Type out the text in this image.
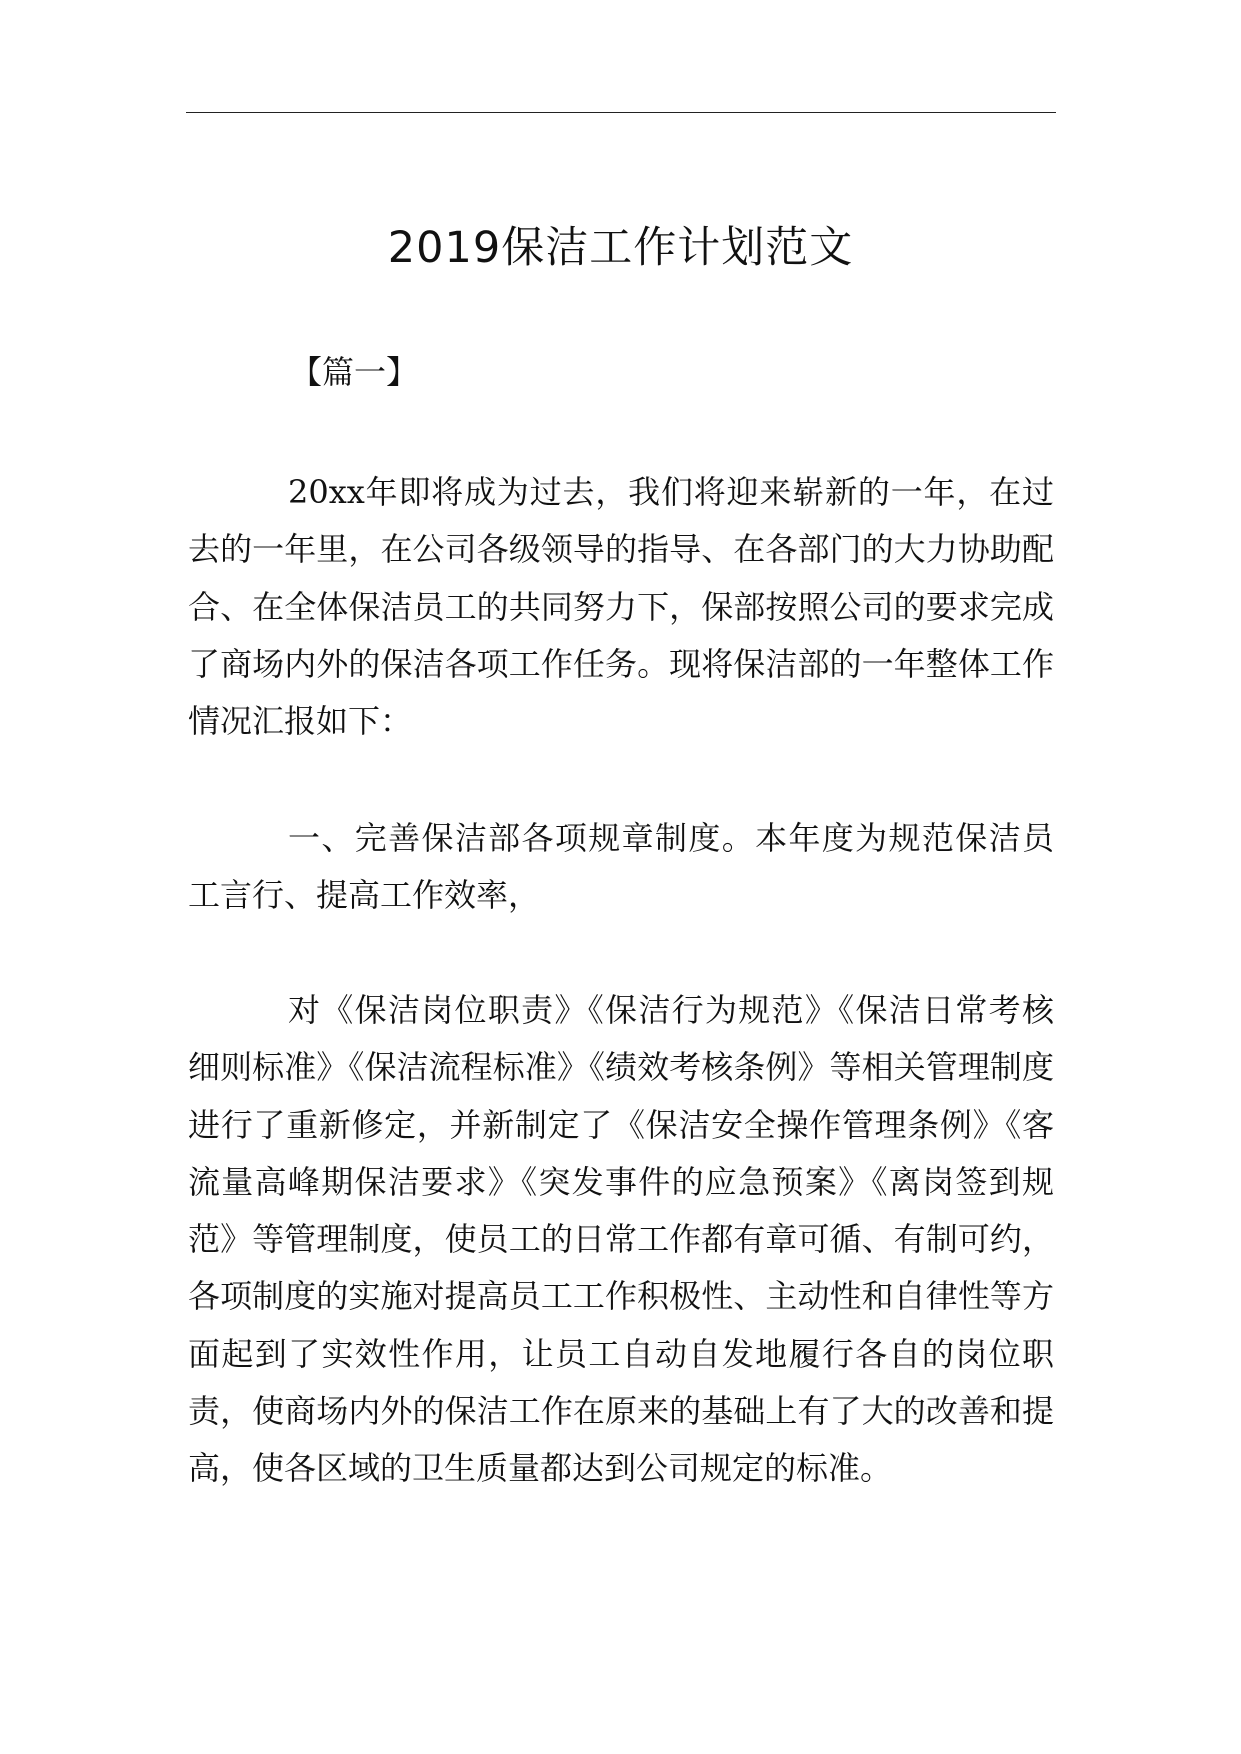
2019保洁工作计划范文
【篇一】

20xx年即将成为过去，我们将迎来崭新的一年，在过去的一年里，在公司各级领导的指导、在各部门的大力协助配合、在全体保洁员工的共同努力下，保部按照公司的要求完成了商场内外的保洁各项工作任务。现将保洁部的一年整体工作情况汇报如下：

一、完善保洁部各项规章制度。本年度为规范保洁员工言行、提高工作效率，

对《保洁岗位职责》《保洁行为规范》《保洁日常考核细则标准》《保洁流程标准》《绩效考核条例》等相关管理制度进行了重新修定，并新制定了《保洁安全操作管理条例》《客流量高峰期保洁要求》《突发事件的应急预案》《离岗签到规范》等管理制度，使员工的日常工作都有章可循、有制可约，各项制度的实施对提高员工工作积极性、主动性和自律性等方面起到了实效性作用，让员工自动自发地履行各自的岗位职责，使商场内外的保洁工作在原来的基础上有了大的改善和提高，使各区域的卫生质量都达到公司规定的标准。
